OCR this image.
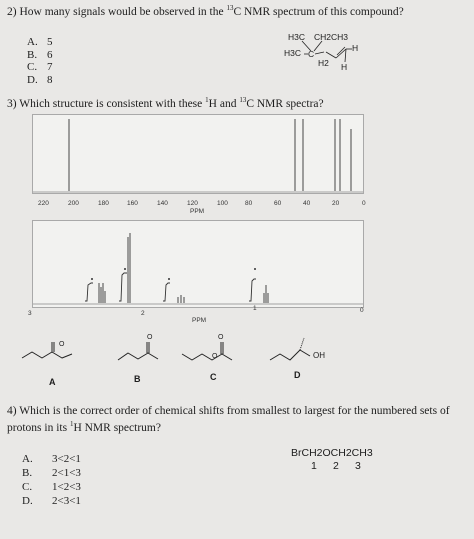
2) How many signals would be observed in the $^{13}$C NMR spectrum of this compound?
A. 5
B. 6
C. 7
D. 8
H3C CH2CH3
H3C C
H2
H
H
3) Which structure is consistent with these $^1$H and $^{13}$C NMR spectra?
220	200	180	160	140	120	100	80	60	40	20	0
PPM
3	2
1	0
PPM
O
O
O
O
OH
A	B	C	D
4) Which is the correct order of chemical shifts from smallest to largest for the numbered sets of
protons in its $^1$H NMR spectrum?
BrCH2OCH2CH3
1 2 3
A. 3<2<1
B. 2<1<3
C. 1<2<3
D. 2<3<1
